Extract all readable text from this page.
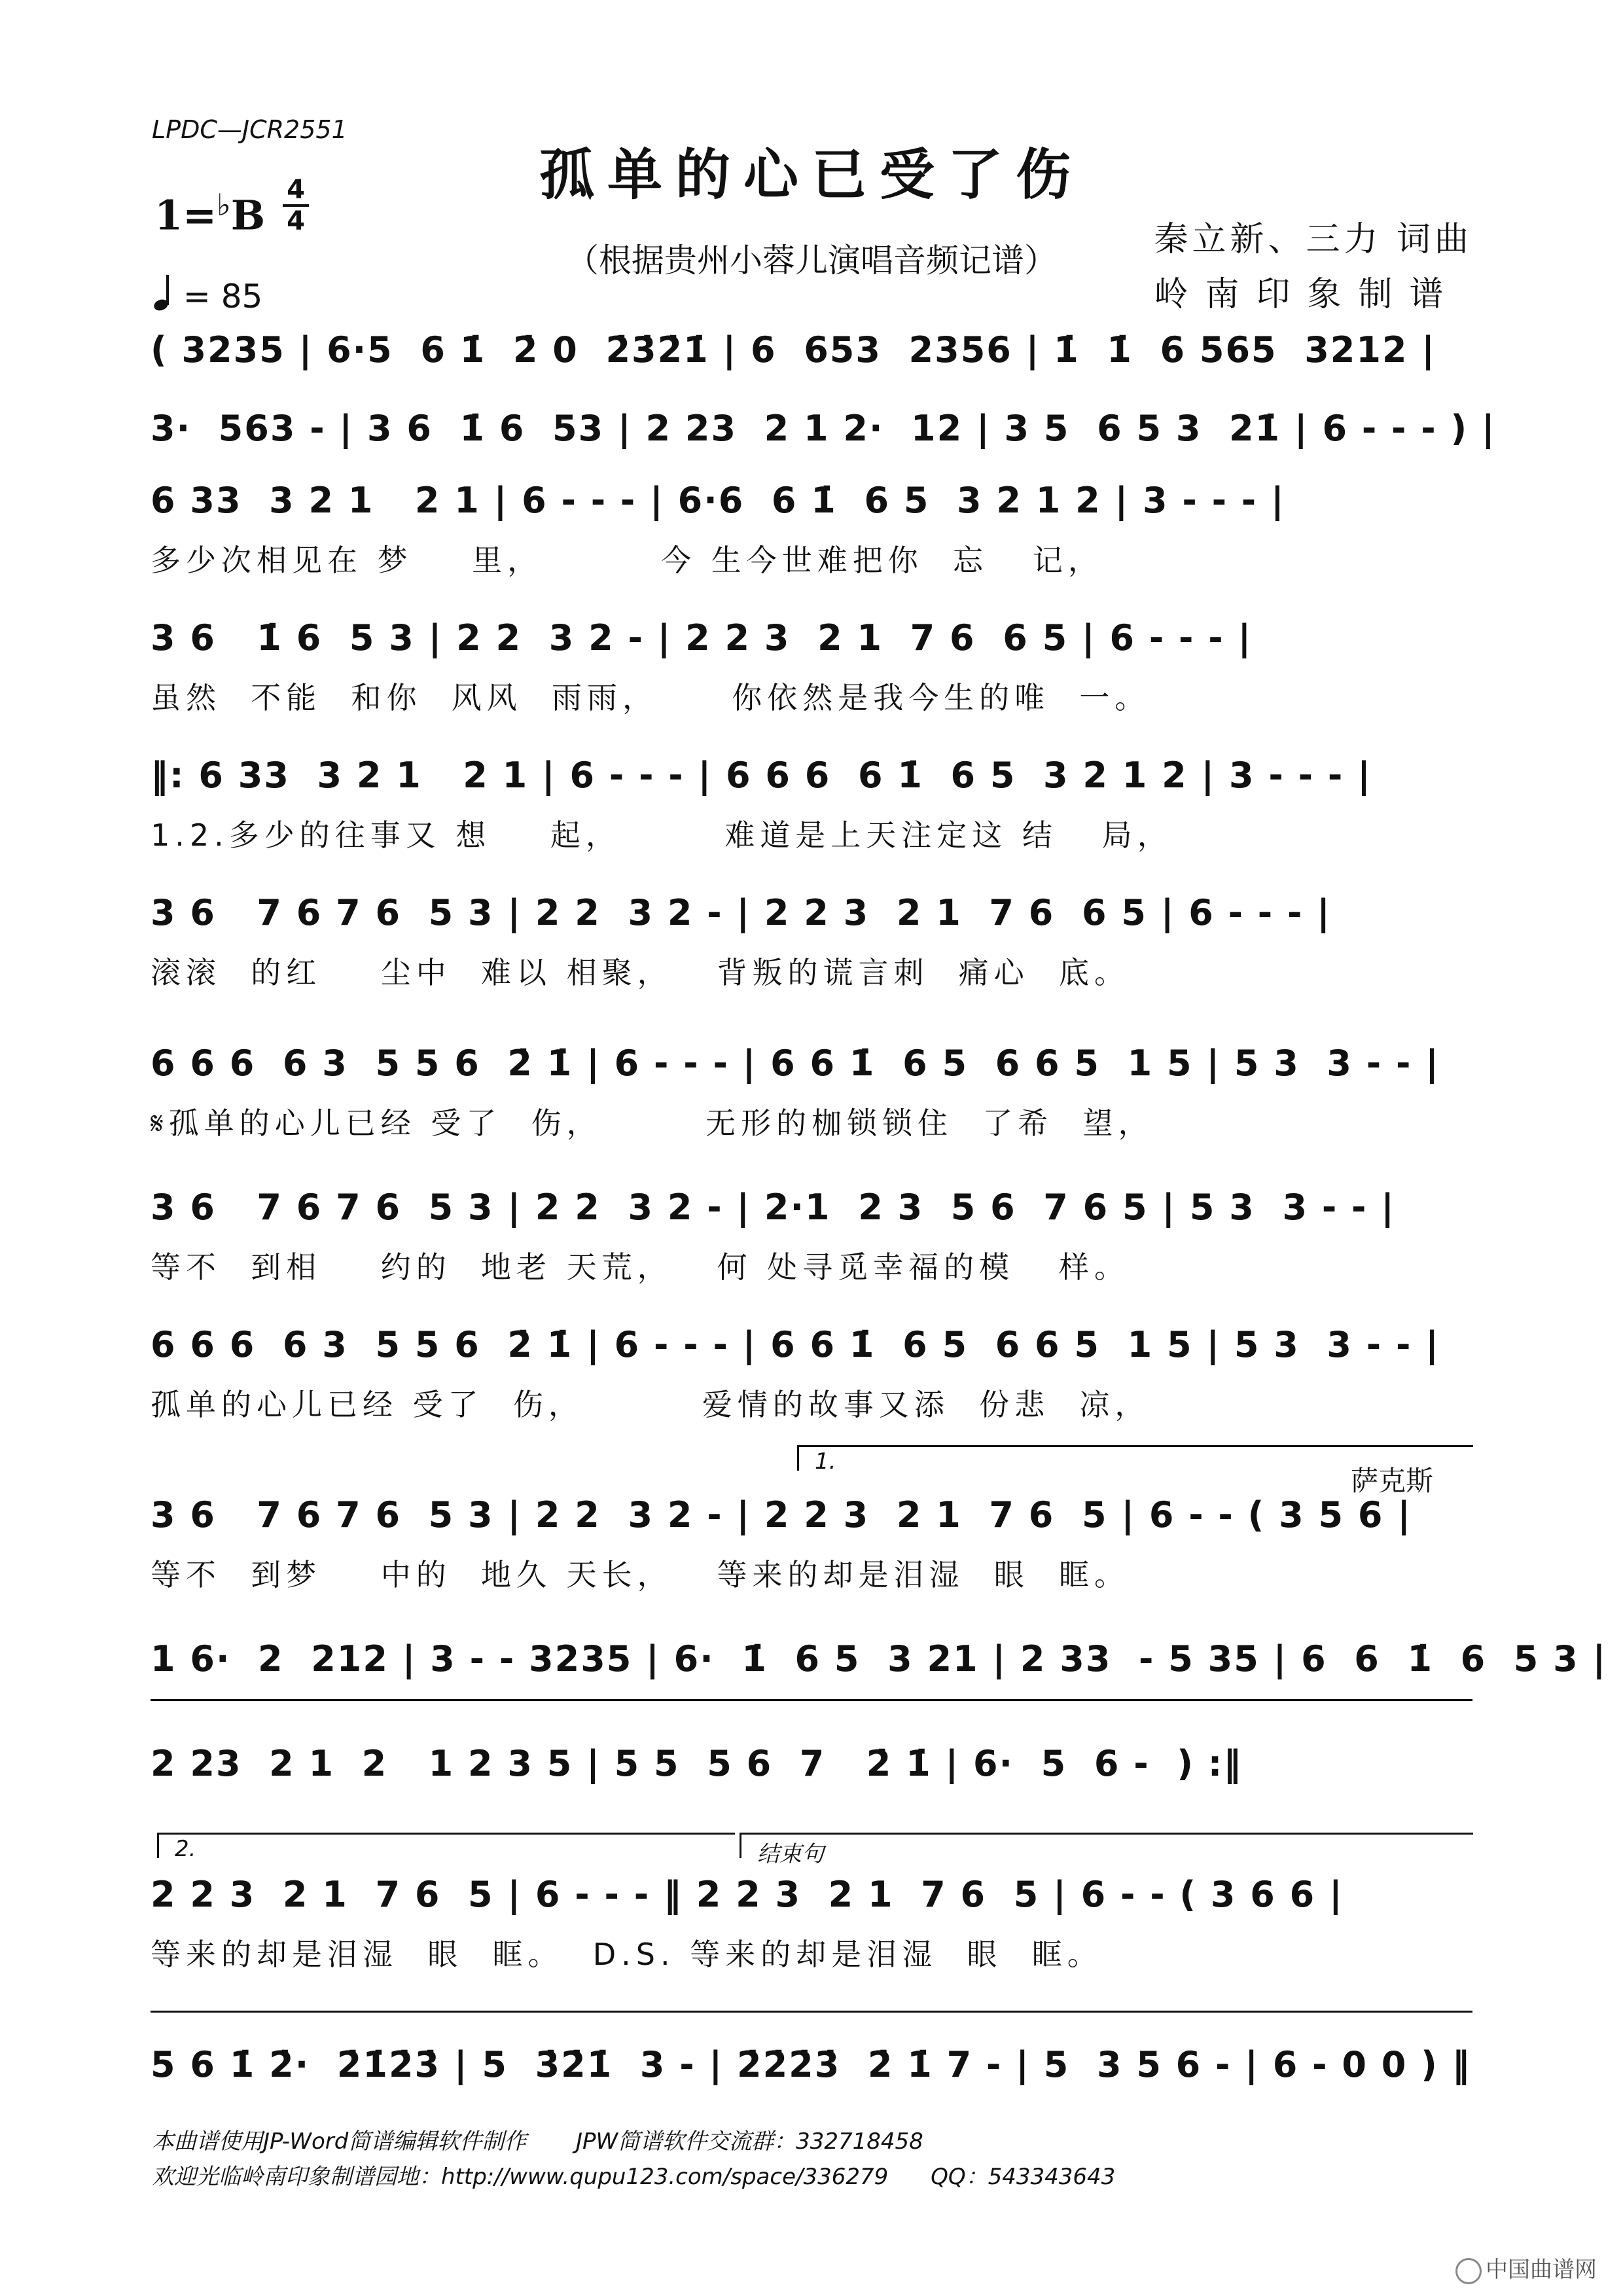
LPDC—JCR2551
孤单的心已受了伤
1=♭B
4
4
= 85
（根据贵州小蓉儿演唱音频记谱）
秦立新、三力 词曲
岭南印象制谱
( 3235 | 6·5  6 1̇  2̇ 0  2̇3̇2̇1̇ | 6  653  2356 | 1̇  1̇  6 565  3212 |
3·  563 - | 3 6  1̇ 6  53 | 2 23  2 1 2·  12 | 3 5  6 5 3  21̇ | 6 - - - ) |
6 33  3 2 1   2 1 | 6 - - - | 6·6  6 1̇  6 5  3 2 1 2 | 3 - - - |
多少次相见在 梦    里，        今 生今世难把你  忘   记，
3 6   1̇ 6  5 3 | 2 2  3 2 - | 2 2 3  2 1  7 6  6 5 | 6 - - - |
虽然  不能  和你  风风  雨雨，     你依然是我今生的唯  一。
‖: 6 33  3 2 1   2 1 | 6 - - - | 6 6 6  6 1̇  6 5  3 2 1 2 | 3 - - - |
1.2.多少的往事又 想    起，       难道是上天注定这 结   局，
3 6   7 6 7 6  5 3 | 2 2  3 2 - | 2 2 3  2 1  7 6  6 5 | 6 - - - |
滚滚  的红    尘中  难以 相聚，   背叛的谎言刺  痛心  底。
6 6 6  6 3  5 5 6  2̇ 1̇ | 6 - - - | 6 6 1̇  6 5  6 6 5  1 5 | 5 3  3 - - |
𝄋孤单的心儿已经 受了  伤，       无形的枷锁锁住  了希  望，
3 6   7 6 7 6  5 3 | 2 2  3 2 - | 2·1  2 3  5 6  7 6 5 | 5 3  3 - - |
等不  到相    约的  地老 天荒，   何 处寻觅幸福的模   样。
6 6 6  6 3  5 5 6  2̇ 1̇ | 6 - - - | 6 6 1̇  6 5  6 6 5  1 5 | 5 3  3 - - |
孤单的心儿已经 受了  伤，        爱情的故事又添  份悲  凉，
1.
萨克斯
3 6   7 6 7 6  5 3 | 2 2  3 2 - | 2 2 3  2 1  7 6  5 | 6 - - ( 3 5 6 |
等不  到梦    中的  地久 天长，   等来的却是泪湿  眼  眶。
1 6·  2  212 | 3 - - 3235 | 6·  1̇  6 5  3 21 | 2 33  - 5 35 | 6  6  1̇  6  5 3 |
2 23  2 1  2   1 2 3 5 | 5 5  5 6  7   2̇ 1̇ | 6·  5  6 -  ) :‖
2.	结束句
2 2 3  2 1  7 6  5 | 6 - - - ‖ 2 2 3  2 1  7 6  5 | 6 - - ( 3 6 6 |
等来的却是泪湿  眼  眶。  D.S. 等来的却是泪湿  眼  眶。
5 6 1̇ 2̇·  2̇1̇2̇3̇ | 5  3̇2̇1̇  3 - | 2̇2̇2̇3̇  2̇ 1̇ 7 - | 5  3 5 6 - | 6 - 0 0 ) ‖
本曲谱使用JP-Word简谱编辑软件制作       JPW简谱软件交流群：332718458
欢迎光临岭南印象制谱园地：http://www.qupu123.com/space/336279      QQ：543343643
中国曲谱网
